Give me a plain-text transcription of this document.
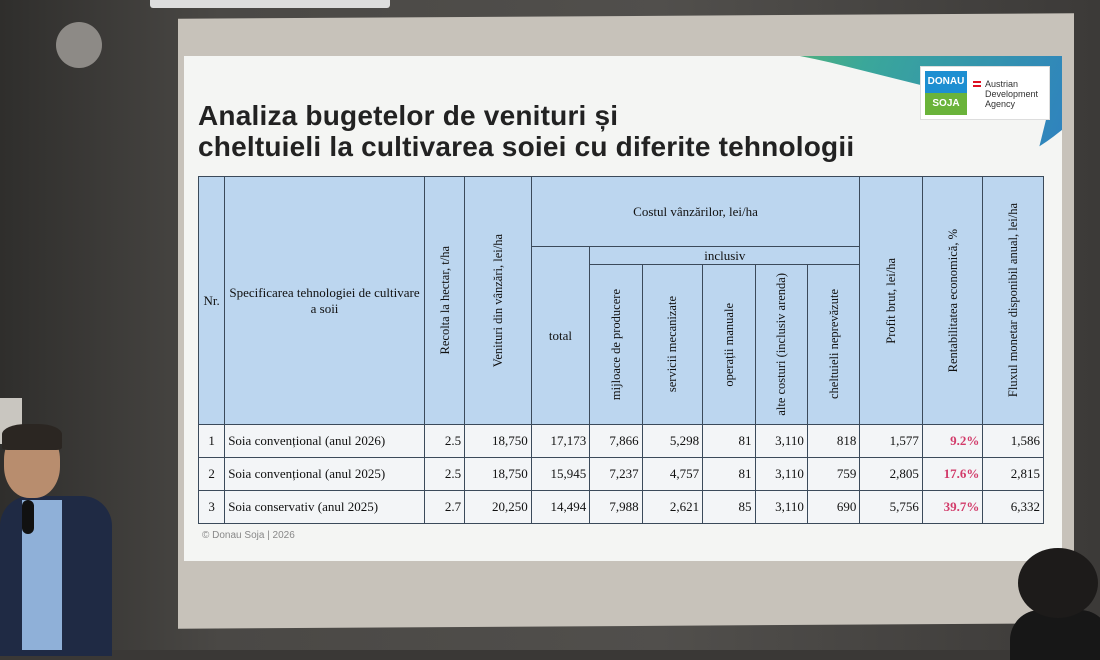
DONAU
SOJA
Austrian Development Agency
Analiza bugetelor de venituri și
cheltuieli la cultivarea soiei cu diferite tehnologii
Nr.	Specificarea tehnologiei de cultivare a soii	Recolta la hectar, t/ha	Venituri din vânzări, lei/ha	Costul vânzărilor, lei/ha						Profit brut, lei/ha	Rentabilitatea economică, %	Fluxul monetar disponibil anual, lei/ha

				total	inclusiv							

					mijloace de producere	servicii mecanizate	operații manuale	alte costuri (inclusiv arenda)	cheltuieli neprevăzute			

1	Soia convențional (anul 2026)	2.5	18,750	17,173	7,866	5,298	81	3,110	818	1,577	9.2%	1,586
2	Soia convențional (anul 2025)	2.5	18,750	15,945	7,237	4,757	81	3,110	759	2,805	17.6%	2,815
3	Soia conservativ (anul 2025)	2.7	20,250	14,494	7,988	2,621	85	3,110	690	5,756	39.7%	6,332
© Donau Soja | 2026
